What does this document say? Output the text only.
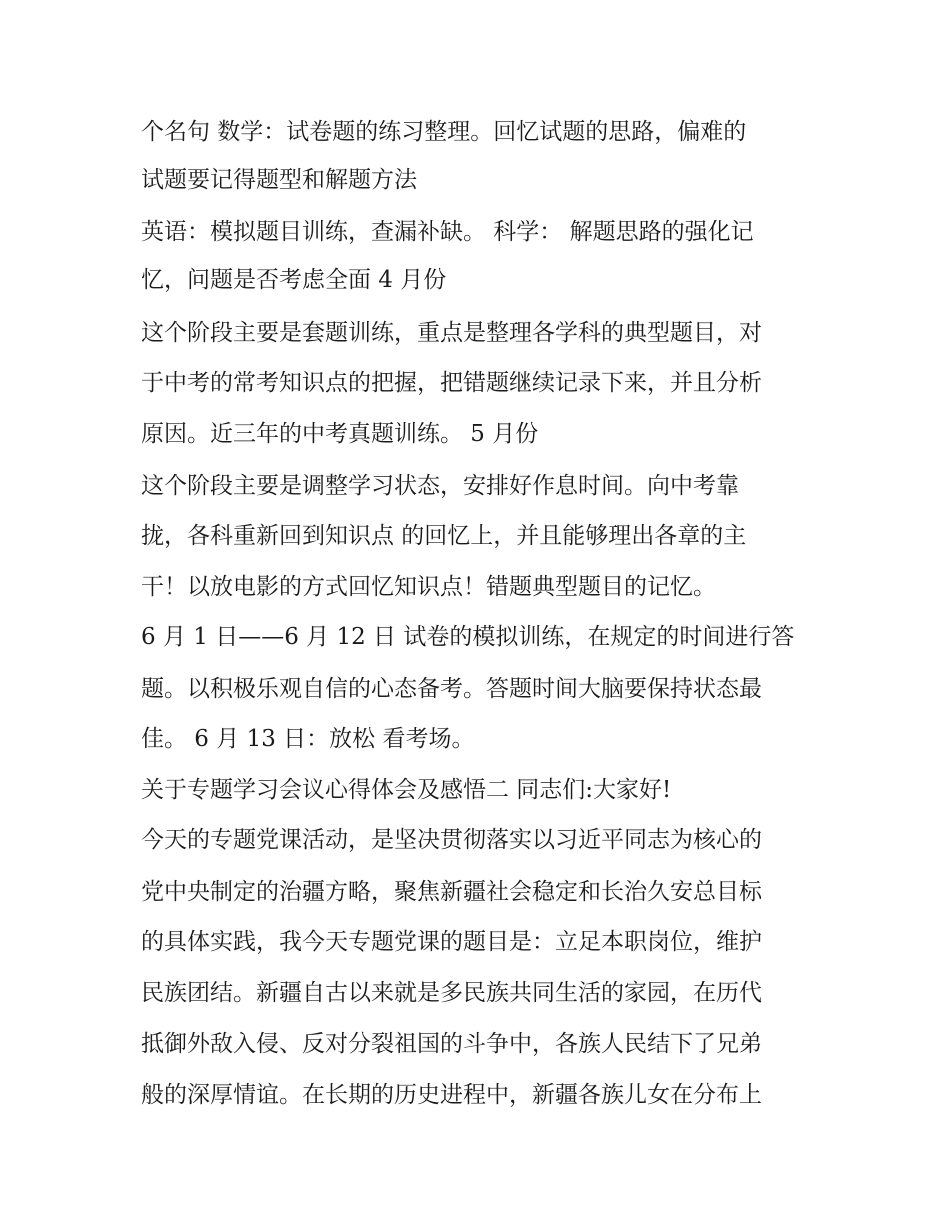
个名句 数学：试卷题的练习整理。回忆试题的思路，偏难的
试题要记得题型和解题方法
英语：模拟题目训练，查漏补缺。 科学： 解题思路的强化记
忆，问题是否考虑全面 4 月份
这个阶段主要是套题训练，重点是整理各学科的典型题目，对
于中考的常考知识点的把握，把错题继续记录下来，并且分析
原因。近三年的中考真题训练。 5 月份
这个阶段主要是调整学习状态，安排好作息时间。向中考靠
拢，各科重新回到知识点 的回忆上，并且能够理出各章的主
干！以放电影的方式回忆知识点！错题典型题目的记忆。
6 月 1 日——6 月 12 日 试卷的模拟训练，在规定的时间进行答
题。以积极乐观自信的心态备考。答题时间大脑要保持状态最
佳。 6 月 13 日：放松 看考场。
关于专题学习会议心得体会及感悟二 同志们:大家好!
今天的专题党课活动，是坚决贯彻落实以习近平同志为核心的
党中央制定的治疆方略，聚焦新疆社会稳定和长治久安总目标
的具体实践，我今天专题党课的题目是：立足本职岗位，维护
民族团结。新疆自古以来就是多民族共同生活的家园，在历代
抵御外敌入侵、反对分裂祖国的斗争中，各族人民结下了兄弟
般的深厚情谊。在长期的历史进程中，新疆各族儿女在分布上
